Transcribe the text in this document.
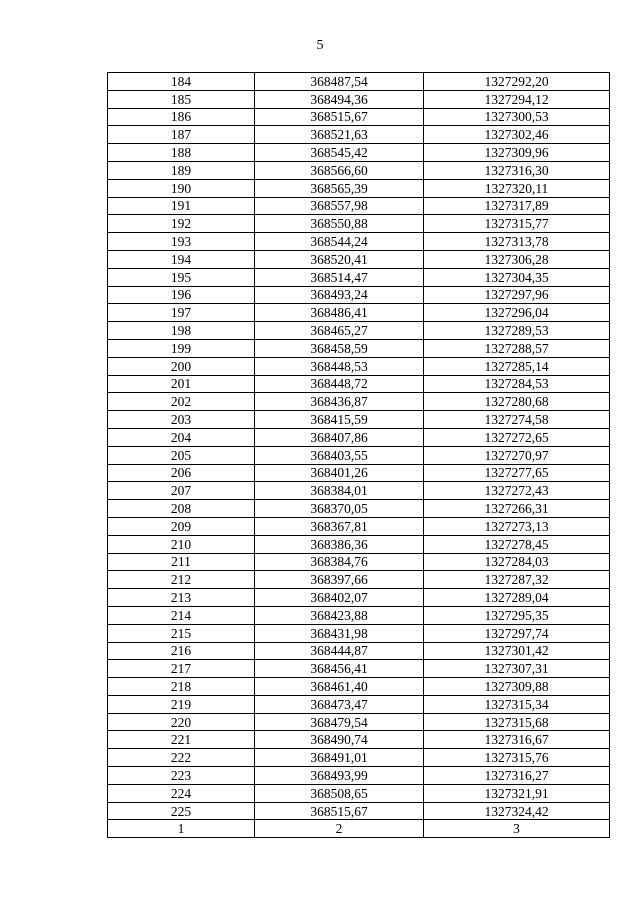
5
184	368487,54	1327292,20
185	368494,36	1327294,12
186	368515,67	1327300,53
187	368521,63	1327302,46
188	368545,42	1327309,96
189	368566,60	1327316,30
190	368565,39	1327320,11
191	368557,98	1327317,89
192	368550,88	1327315,77
193	368544,24	1327313,78
194	368520,41	1327306,28
195	368514,47	1327304,35
196	368493,24	1327297,96
197	368486,41	1327296,04
198	368465,27	1327289,53
199	368458,59	1327288,57
200	368448,53	1327285,14
201	368448,72	1327284,53
202	368436,87	1327280,68
203	368415,59	1327274,58
204	368407,86	1327272,65
205	368403,55	1327270,97
206	368401,26	1327277,65
207	368384,01	1327272,43
208	368370,05	1327266,31
209	368367,81	1327273,13
210	368386,36	1327278,45
211	368384,76	1327284,03
212	368397,66	1327287,32
213	368402,07	1327289,04
214	368423,88	1327295,35
215	368431,98	1327297,74
216	368444,87	1327301,42
217	368456,41	1327307,31
218	368461,40	1327309,88
219	368473,47	1327315,34
220	368479,54	1327315,68
221	368490,74	1327316,67
222	368491,01	1327315,76
223	368493,99	1327316,27
224	368508,65	1327321,91
225	368515,67	1327324,42
1	2	3
